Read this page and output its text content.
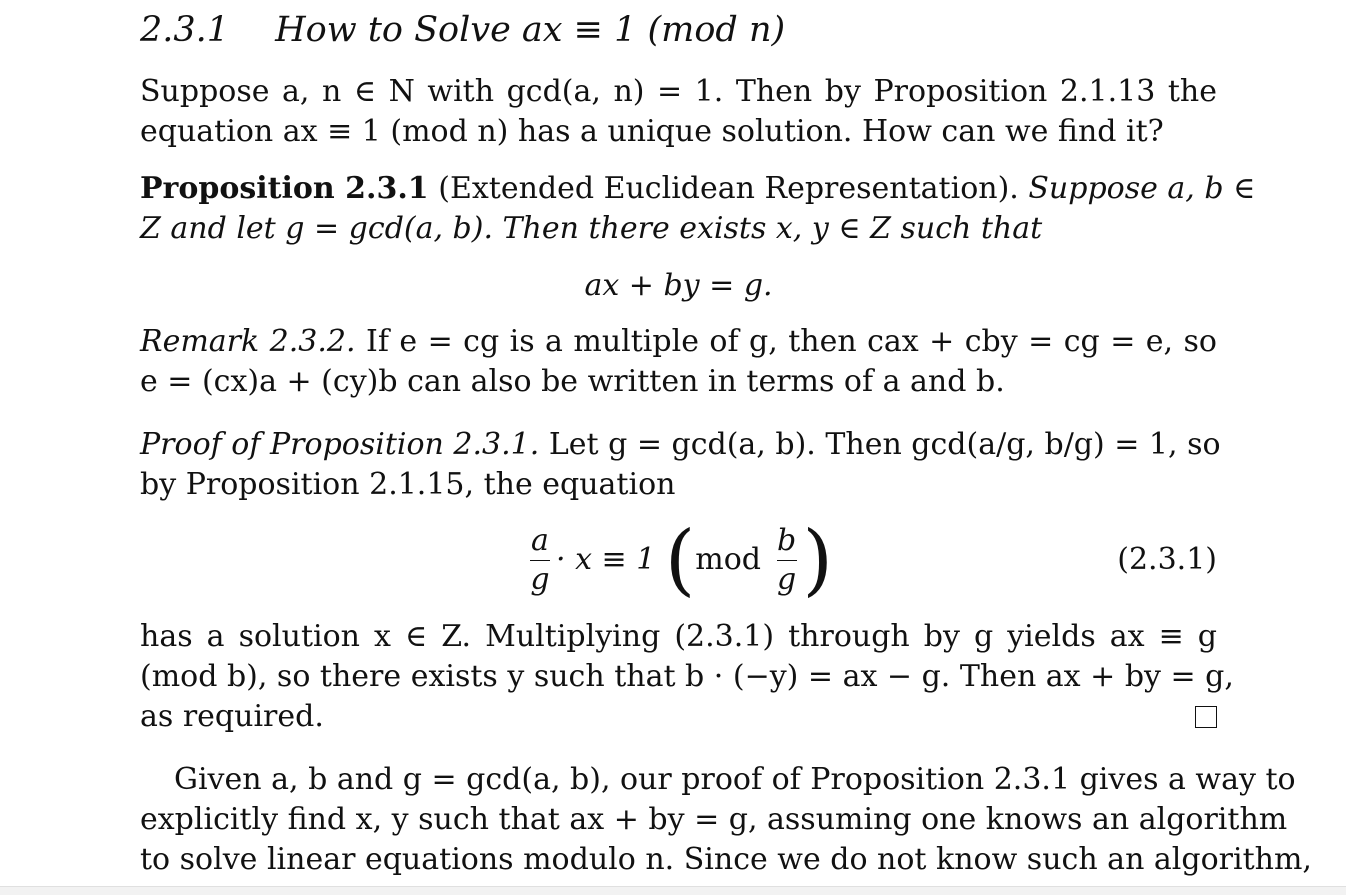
2.3.1 How to Solve ax ≡ 1 (mod n)
Suppose a, n ∈ N with gcd(a, n) = 1. Then by Proposition 2.1.13 the
equation ax ≡ 1 (mod n) has a unique solution. How can we find it?
Proposition 2.3.1 (Extended Euclidean Representation). Suppose a, b ∈
Z and let g = gcd(a, b). Then there exists x, y ∈ Z such that
ax + by = g.
Remark 2.3.2. If e = cg is a multiple of g, then cax + cby = cg = e, so
e = (cx)a + (cy)b can also be written in terms of a and b.
Proof of Proposition 2.3.1. Let g = gcd(a, b). Then gcd(a/g, b/g) = 1, so
by Proposition 2.1.15, the equation
$\frac{a}{g} \cdot x \equiv 1$ ($mod \frac{b}{g}$ )	(2.3.1)
has a solution x ∈ Z. Multiplying (2.3.1) through by g yields ax ≡ g
(mod b), so there exists y such that b · (−y) = ax − g. Then ax + by = g,
as required.
Given a, b and g = gcd(a, b), our proof of Proposition 2.3.1 gives a way to
explicitly find x, y such that ax + by = g, assuming one knows an algorithm
to solve linear equations modulo n. Since we do not know such an algorithm,
